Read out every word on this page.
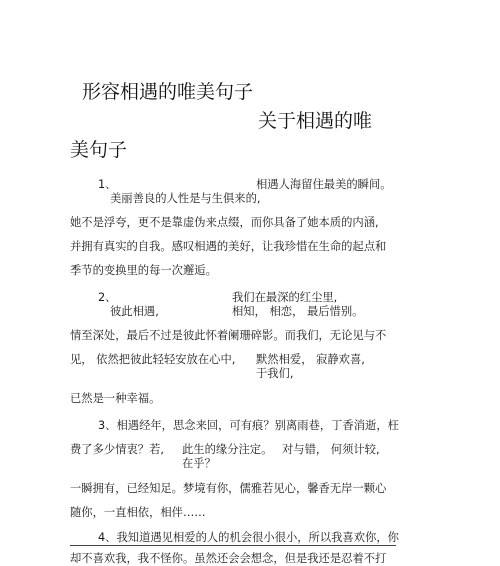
形容相遇的唯美句子
关于相遇的唯
美句子
1、	相遇人海留住最美的瞬间。
美丽善良的人性是与生俱来的,
她不是浮夸，更不是靠虚伪来点缀，而你具备了她本质的内涵,
并拥有真实的自我。感叹相遇的美好，让我珍惜在生命的起点和
季节的变换里的每一次邂逅。
2、	我们在最深的红尘里,
彼此相遇,	相知， 相恋， 最后惜别。
情至深处，最后不过是彼此怀着阑珊碎影。而我们，无论见与不
见， 依然把彼此轻轻安放在心中, 默然相爱， 寂静欢喜,
于我们,
已然是一种幸福。
3、相遇经年，思念来回，可有痕？别离雨巷，丁香消逝，枉
费了多少情衷？若, 此生的缘分注定。 对与错， 何须计较,
在乎？
一瞬拥有，已经知足。梦境有你，儒雅若见心，馨香无岸一颗心
随你，一直相依，相伴……
4、我知道遇见相爱的人的机会很小很小，所以我喜欢你，你
却不喜欢我，我不怪你。虽然还会会想念，但是我还是忍着不打
